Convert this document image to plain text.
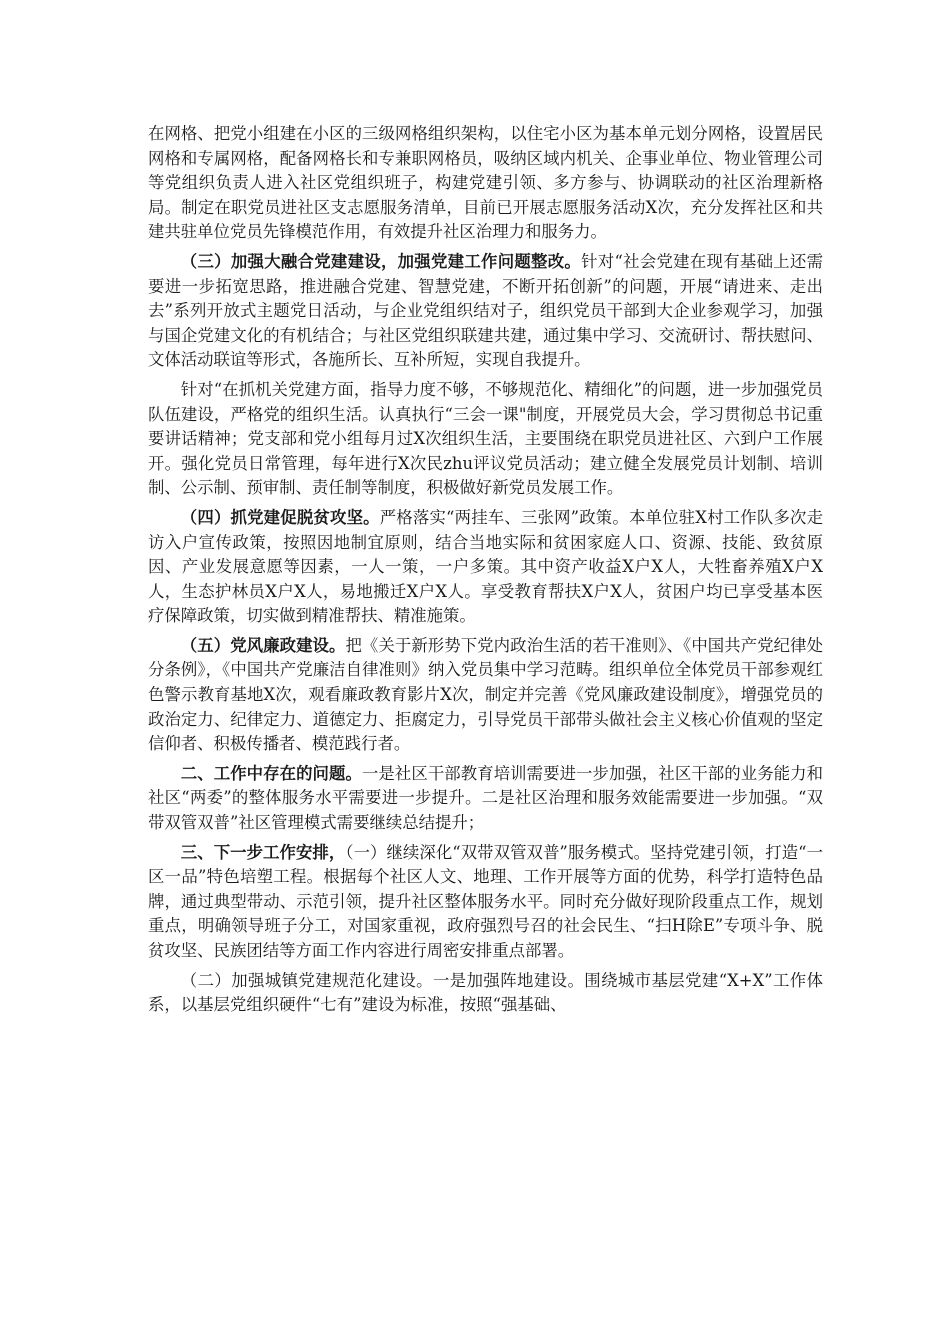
在网格、把党小组建在小区的三级网格组织架构，以住宅小区为基本单元划分网格，设置居民网格和专属网格，配备网格长和专兼职网格员，吸纳区域内机关、企事业单位、物业管理公司等党组织负责人进入社区党组织班子，构建党建引领、多方参与、协调联动的社区治理新格局。制定在职党员进社区支志愿服务清单，目前已开展志愿服务活动X次，充分发挥社区和共建共驻单位党员先锋模范作用，有效提升社区治理力和服务力。

（三）加强大融合党建建设，加强党建工作问题整改。针对“社会党建在现有基础上还需要进一步拓宽思路，推进融合党建、智慧党建，不断开拓创新”的问题，开展“请进来、走出去”系列开放式主题党日活动，与企业党组织结对子，组织党员干部到大企业参观学习，加强与国企党建文化的有机结合；与社区党组织联建共建，通过集中学习、交流研讨、帮扶慰问、文体活动联谊等形式，各施所长、互补所短，实现自我提升。

针对“在抓机关党建方面，指导力度不够，不够规范化、精细化”的问题，进一步加强党员队伍建设，严格党的组织生活。认真执行“三会一课"制度，开展党员大会，学习贯彻总书记重要讲话精神；党支部和党小组每月过X次组织生活，主要围绕在职党员进社区、六到户工作展开。强化党员日常管理，每年进行X次民zhu评议党员活动；建立健全发展党员计划制、培训制、公示制、预审制、责任制等制度，积极做好新党员发展工作。

（四）抓党建促脱贫攻坚。严格落实“两挂车、三张网”政策。本单位驻X村工作队多次走访入户宣传政策，按照因地制宜原则，结合当地实际和贫困家庭人口、资源、技能、致贫原因、产业发展意愿等因素，一人一策，一户多策。其中资产收益X户X人，大牲畜养殖X户X人，生态护林员X户X人，易地搬迁X户X人。享受教育帮扶X户X人，贫困户均已享受基本医疗保障政策，切实做到精准帮扶、精准施策。

（五）党风廉政建设。把《关于新形势下党内政治生活的若干准则》、《中国共产党纪律处分条例》，《中国共产党廉洁自律准则》纳入党员集中学习范畴。组织单位全体党员干部参观红色警示教育基地X次，观看廉政教育影片X次，制定并完善《党风廉政建设制度》，增强党员的政治定力、纪律定力、道德定力、拒腐定力，引导党员干部带头做社会主义核心价值观的坚定信仰者、积极传播者、模范践行者。

二、工作中存在的问题。一是社区干部教育培训需要进一步加强，社区干部的业务能力和社区“两委”的整体服务水平需要进一步提升。二是社区治理和服务效能需要进一步加强。“双带双管双普”社区管理模式需要继续总结提升；

三、下一步工作安排，（一）继续深化“双带双管双普”服务模式。坚持党建引领，打造“一区一品”特色培塑工程。根据每个社区人文、地理、工作开展等方面的优势，科学打造特色品牌，通过典型带动、示范引领，提升社区整体服务水平。同时充分做好现阶段重点工作，规划重点，明确领导班子分工，对国家重视，政府强烈号召的社会民生、“扫H除E”专项斗争、脱贫攻坚、民族团结等方面工作内容进行周密安排重点部署。

（二）加强城镇党建规范化建设。一是加强阵地建设。围绕城市基层党建“X+X”工作体系，以基层党组织硬件“七有”建设为标准，按照“强基础、
